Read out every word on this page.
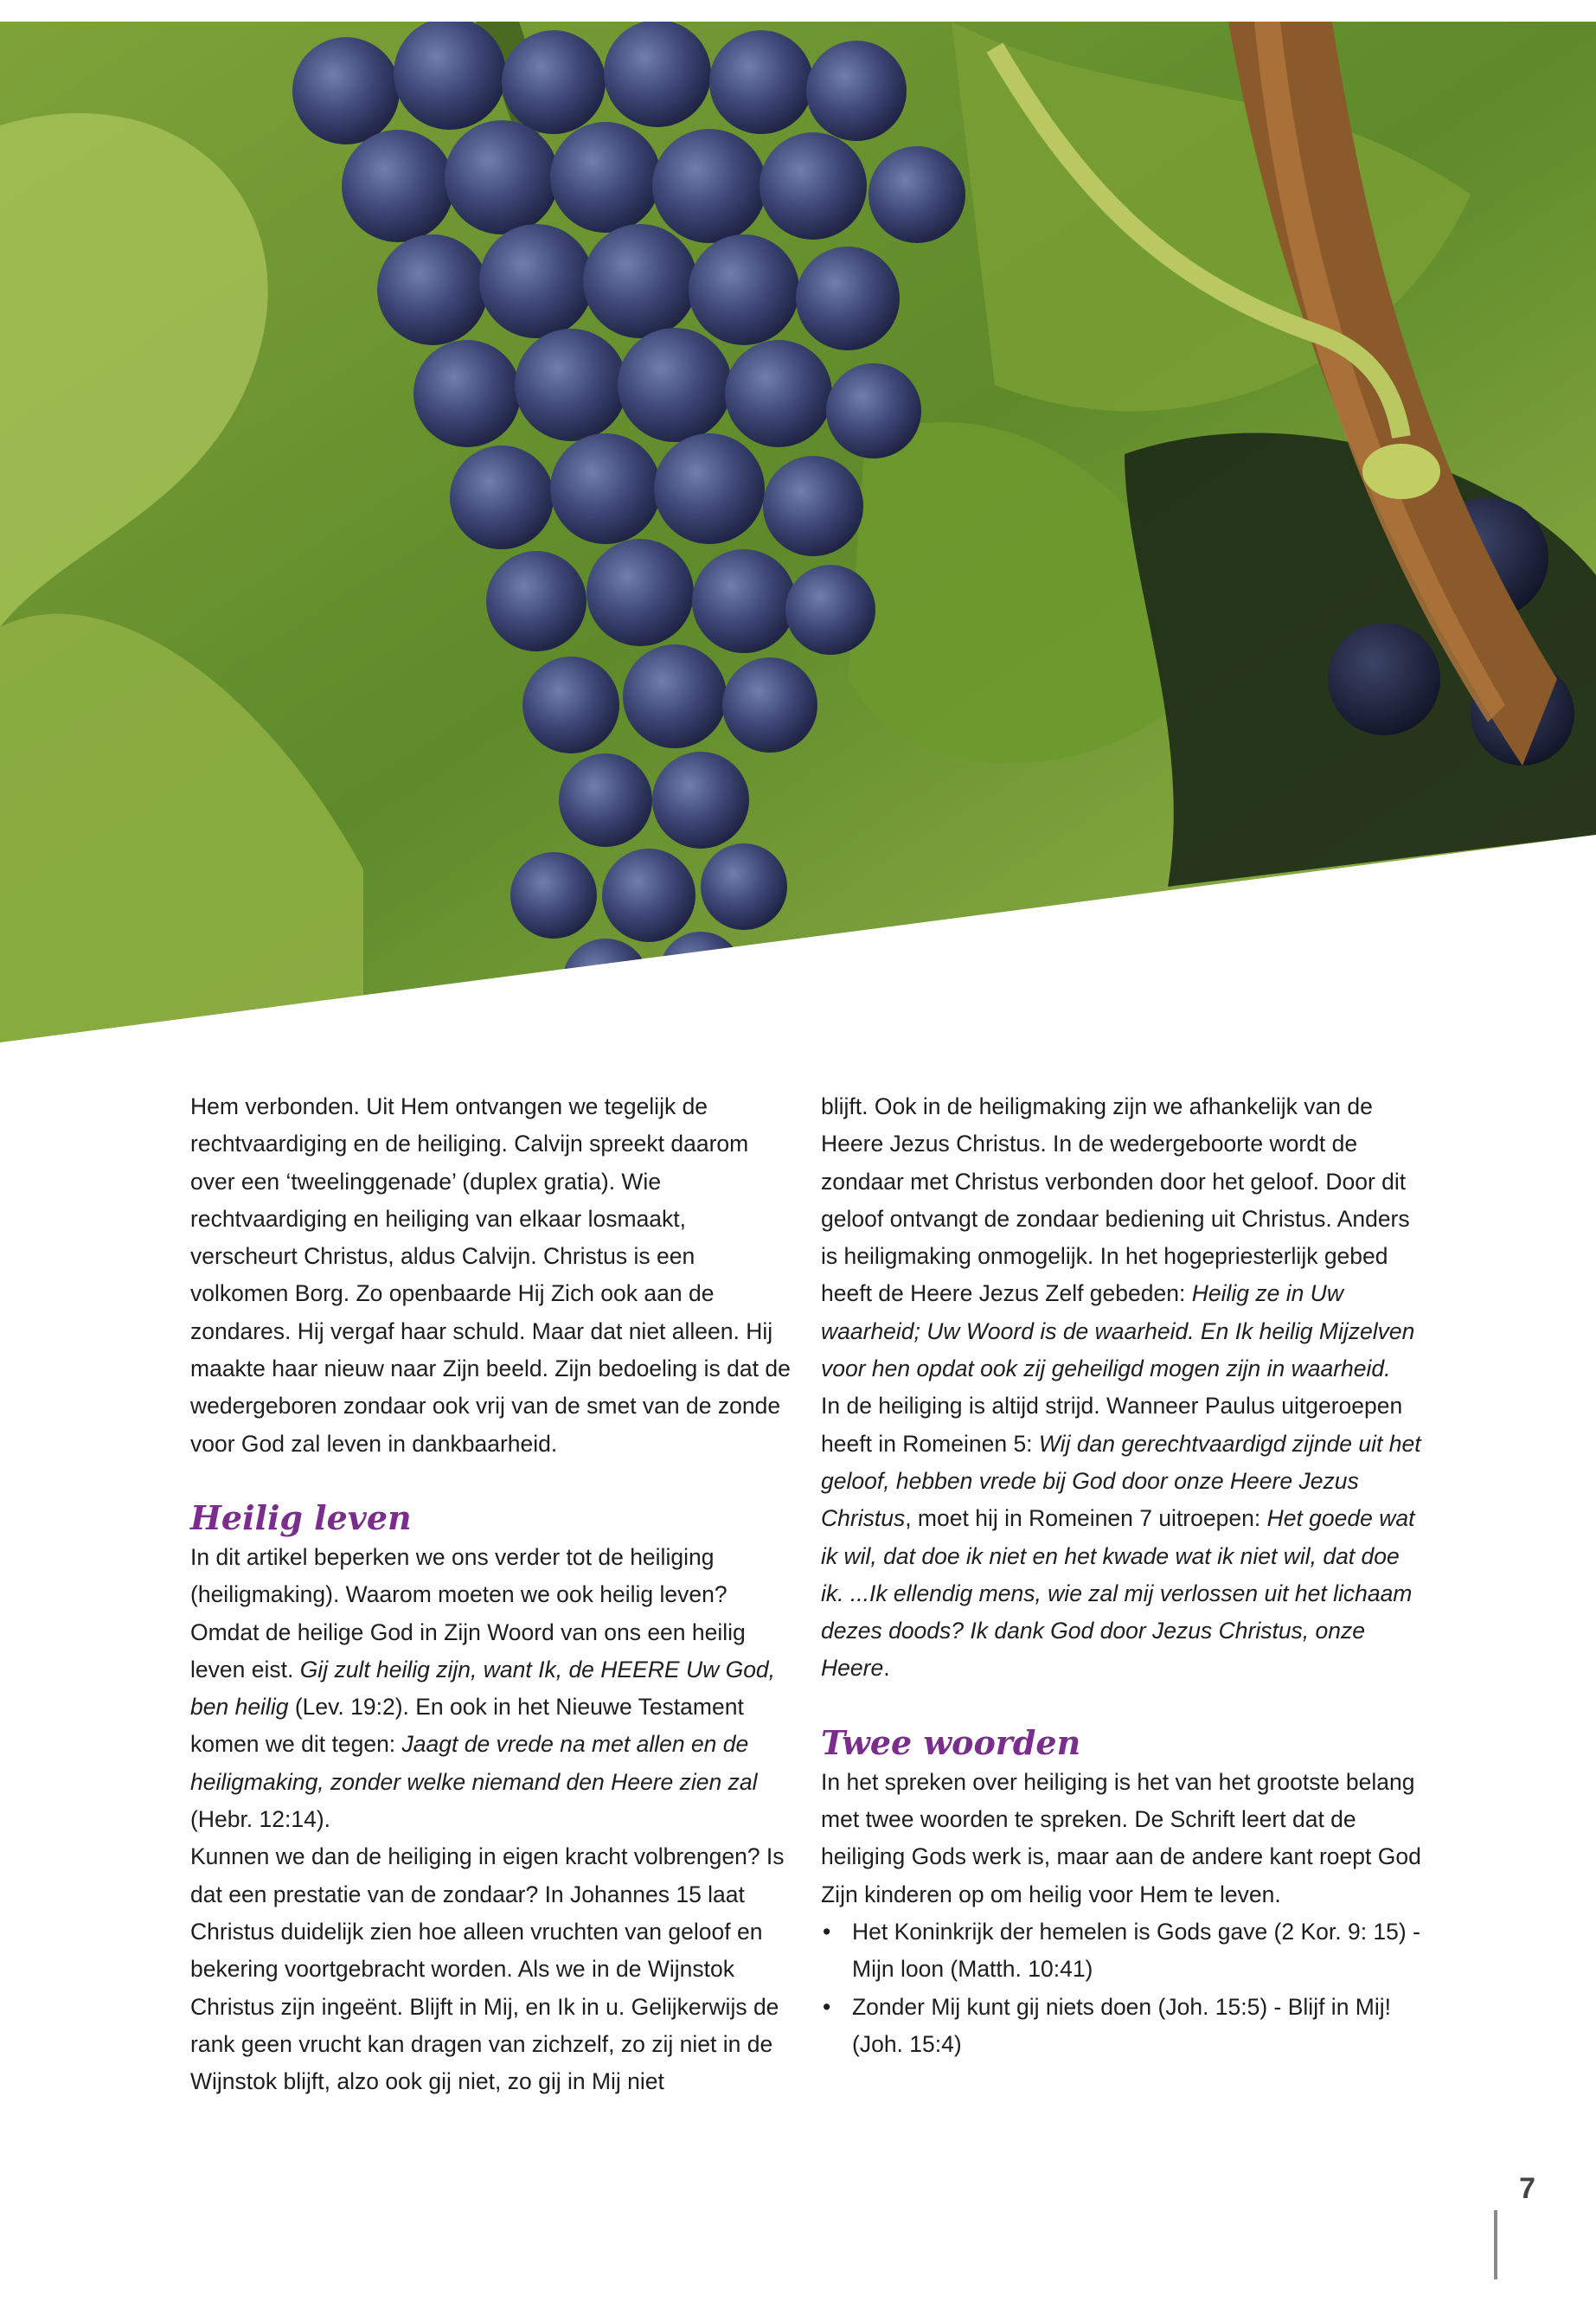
Hem verbonden. Uit Hem ontvangen we tegelijk de rechtvaardiging en de heiliging. Calvijn spreekt daarom over een ‘tweelinggenade’ (duplex gratia). Wie rechtvaardiging en heiliging van elkaar losmaakt, verscheurt Christus, aldus Calvijn. Christus is een volkomen Borg. Zo openbaarde Hij Zich ook aan de zondares. Hij vergaf haar schuld. Maar dat niet alleen. Hij maakte haar nieuw naar Zijn beeld. Zijn bedoeling is dat de wedergeboren zondaar ook vrij van de smet van de zonde voor God zal leven in dankbaarheid.

Heilig leven

In dit artikel beperken we ons verder tot de heiliging (heiligmaking). Waarom moeten we ook heilig leven? Omdat de heilige God in Zijn Woord van ons een heilig leven eist. Gij zult heilig zijn, want Ik, de HEERE Uw God, ben heilig (Lev. 19:2). En ook in het Nieuwe Testament komen we dit tegen: Jaagt de vrede na met allen en de heiligmaking, zonder welke niemand den Heere zien zal (Hebr. 12:14).

Kunnen we dan de heiliging in eigen kracht volbrengen? Is dat een prestatie van de zondaar? In Johannes 15 laat Christus duidelijk zien hoe alleen vruchten van geloof en bekering voortgebracht worden. Als we in de Wijnstok Christus zijn ingeënt. Blijft in Mij, en Ik in u. Gelijkerwijs de rank geen vrucht kan dragen van zichzelf, zo zij niet in de Wijnstok blijft, alzo ook gij niet, zo gij in Mij niet

blijft. Ook in de heiligmaking zijn we afhankelijk van de Heere Jezus Christus. In de wedergeboorte wordt de zondaar met Christus verbonden door het geloof. Door dit geloof ontvangt de zondaar bediening uit Christus. Anders is heiligmaking onmogelijk. In het hogepriesterlijk gebed heeft de Heere Jezus Zelf gebeden: Heilig ze in Uw waarheid; Uw Woord is de waarheid. En Ik heilig Mijzelven voor hen opdat ook zij geheiligd mogen zijn in waarheid.

In de heiliging is altijd strijd. Wanneer Paulus uitgeroepen heeft in Romeinen 5: Wij dan gerechtvaardigd zijnde uit het geloof, hebben vrede bij God door onze Heere Jezus Christus, moet hij in Romeinen 7 uitroepen: Het goede wat ik wil, dat doe ik niet en het kwade wat ik niet wil, dat doe ik. ...Ik ellendig mens, wie zal mij verlossen uit het lichaam dezes doods? Ik dank God door Jezus Christus, onze Heere.

Twee woorden

In het spreken over heiliging is het van het grootste belang met twee woorden te spreken. De Schrift leert dat de heiliging Gods werk is, maar aan de andere kant roept God Zijn kinderen op om heilig voor Hem te leven.

• Het Koninkrijk der hemelen is Gods gave (2 Kor. 9: 15) - Mijn loon (Matth. 10:41)
• Zonder Mij kunt gij niets doen (Joh. 15:5) - Blijf in Mij! (Joh. 15:4)
7
